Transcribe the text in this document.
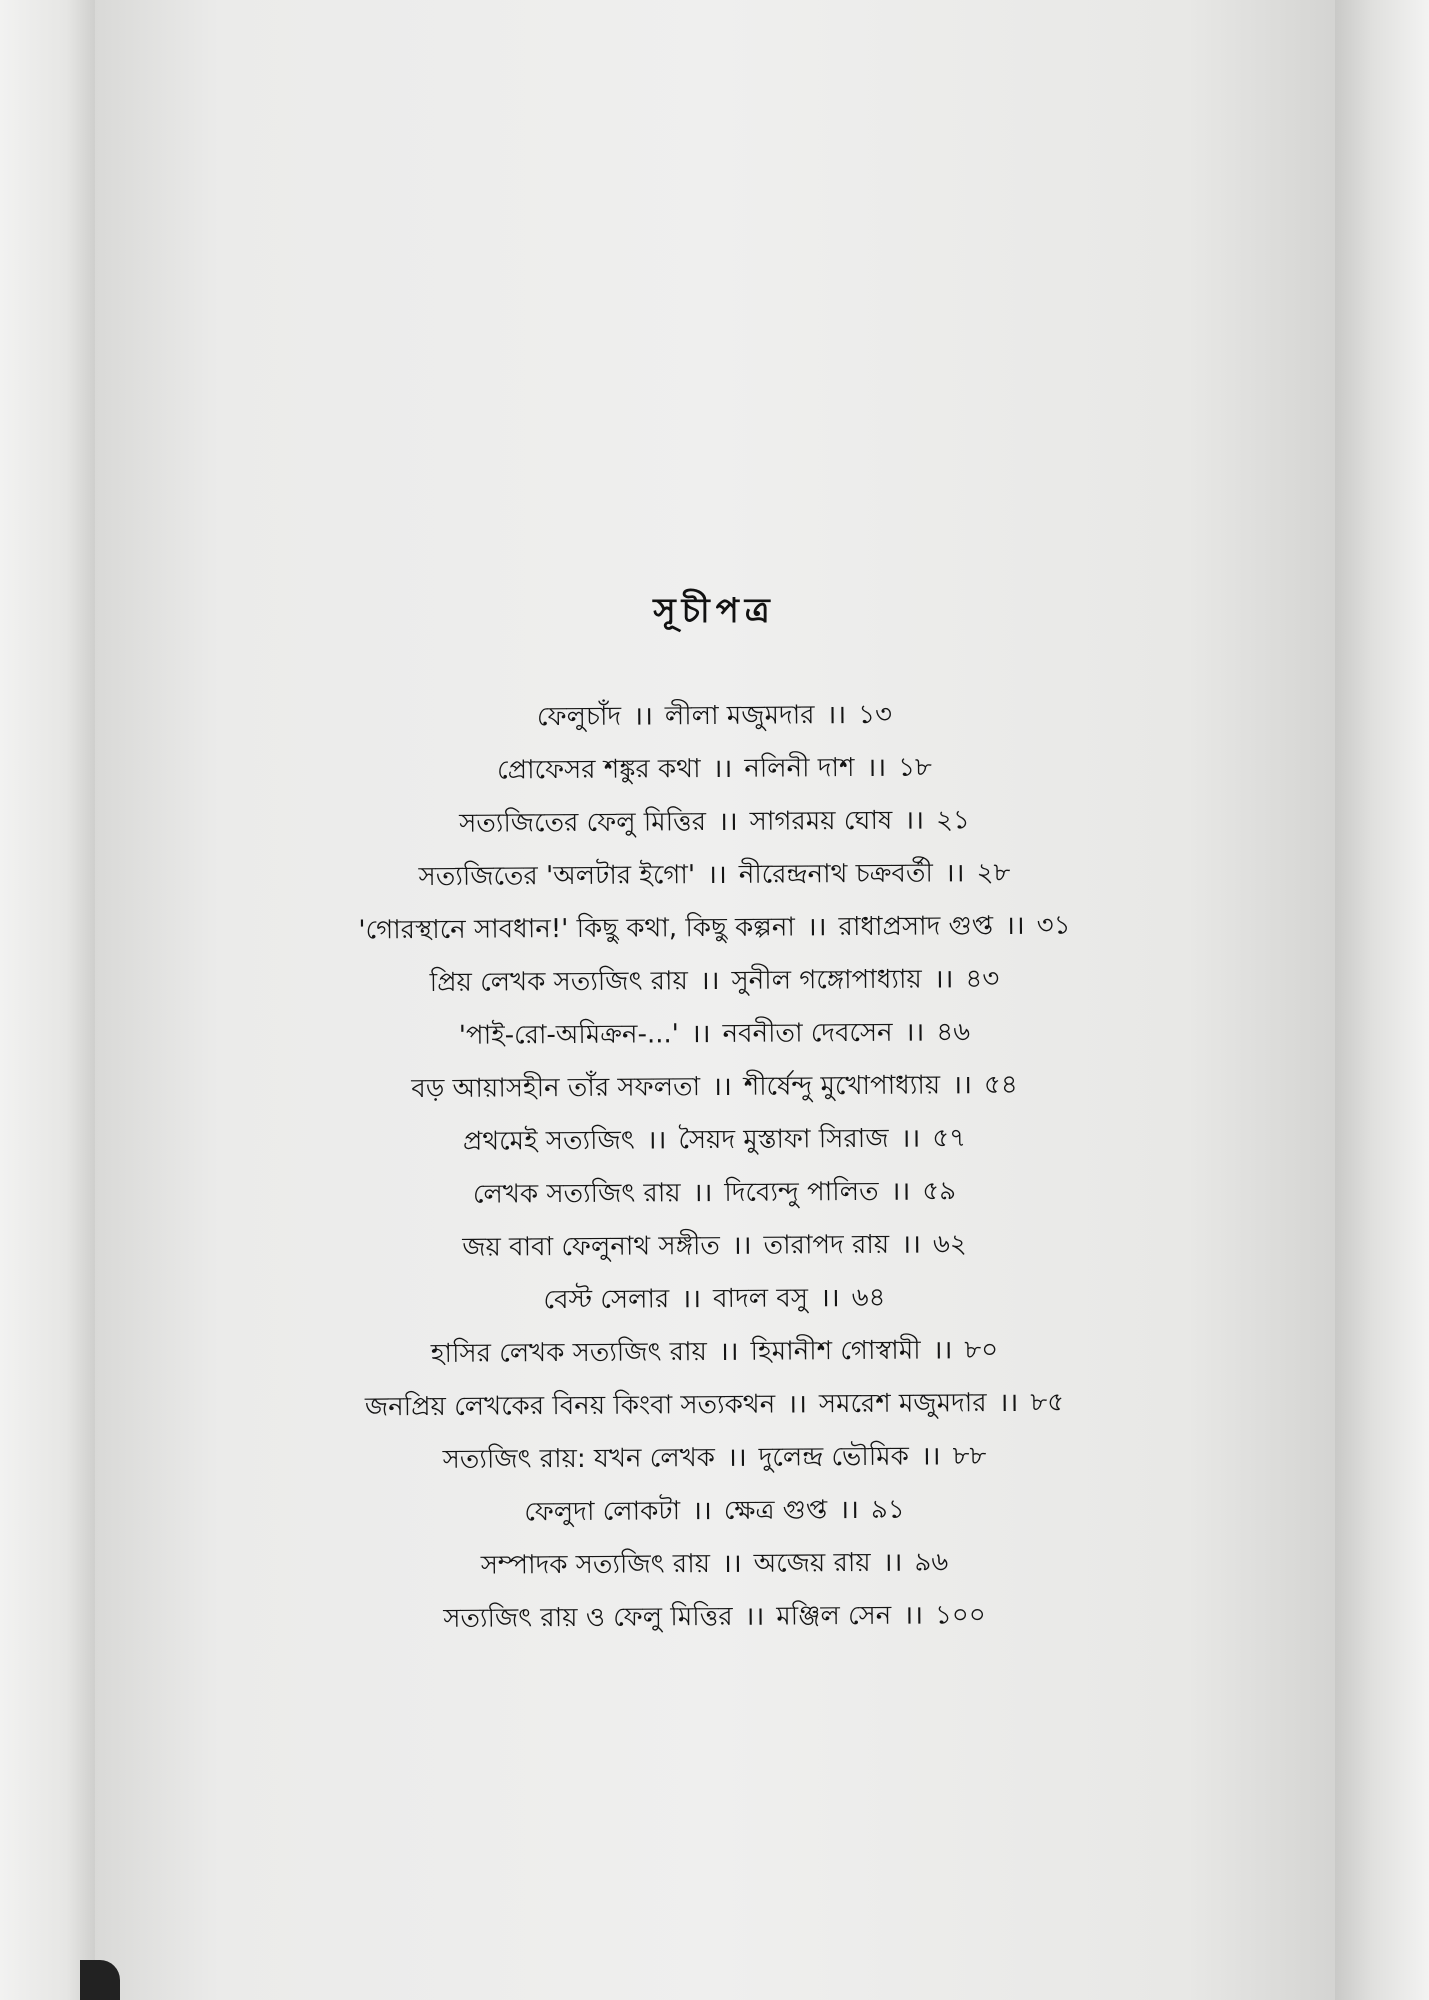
সূচীপত্র
ফেলুচাঁদ ।। লীলা মজুমদার ।। ১৩
প্রোফেসর শঙ্কুর কথা ।। নলিনী দাশ ।। ১৮
সত্যজিতের ফেলু মিত্তির ।। সাগরময় ঘোষ ।। ২১
সত্যজিতের 'অলটার ইগো' ।। নীরেন্দ্রনাথ চক্রবর্তী ।। ২৮
'গোরস্থানে সাবধান!' কিছু কথা, কিছু কল্পনা ।। রাধাপ্রসাদ গুপ্ত ।। ৩১
প্রিয় লেখক সত্যজিৎ রায় ।। সুনীল গঙ্গোপাধ্যায় ।। ৪৩
'পাই-রো-অমিক্রন-...' ।। নবনীতা দেবসেন ।। ৪৬
বড় আয়াসহীন তাঁর সফলতা ।। শীর্ষেন্দু মুখোপাধ্যায় ।। ৫৪
প্রথমেই সত্যজিৎ ।। সৈয়দ মুস্তাফা সিরাজ ।। ৫৭
লেখক সত্যজিৎ রায় ।। দিব্যেন্দু পালিত ।। ৫৯
জয় বাবা ফেলুনাথ সঙ্গীত ।। তারাপদ রায় ।। ৬২
বেস্ট সেলার ।। বাদল বসু ।। ৬৪
হাসির লেখক সত্যজিৎ রায় ।। হিমানীশ গোস্বামী ।। ৮০
জনপ্রিয় লেখকের বিনয় কিংবা সত্যকথন ।। সমরেশ মজুমদার ।। ৮৫
সত্যজিৎ রায়: যখন লেখক ।। দুলেন্দ্র ভৌমিক ।। ৮৮
ফেলুদা লোকটা ।। ক্ষেত্র গুপ্ত ।। ৯১
সম্পাদক সত্যজিৎ রায় ।। অজেয় রায় ।। ৯৬
সত্যজিৎ রায় ও ফেলু মিত্তির ।। মঞ্জিল সেন ।। ১০০
